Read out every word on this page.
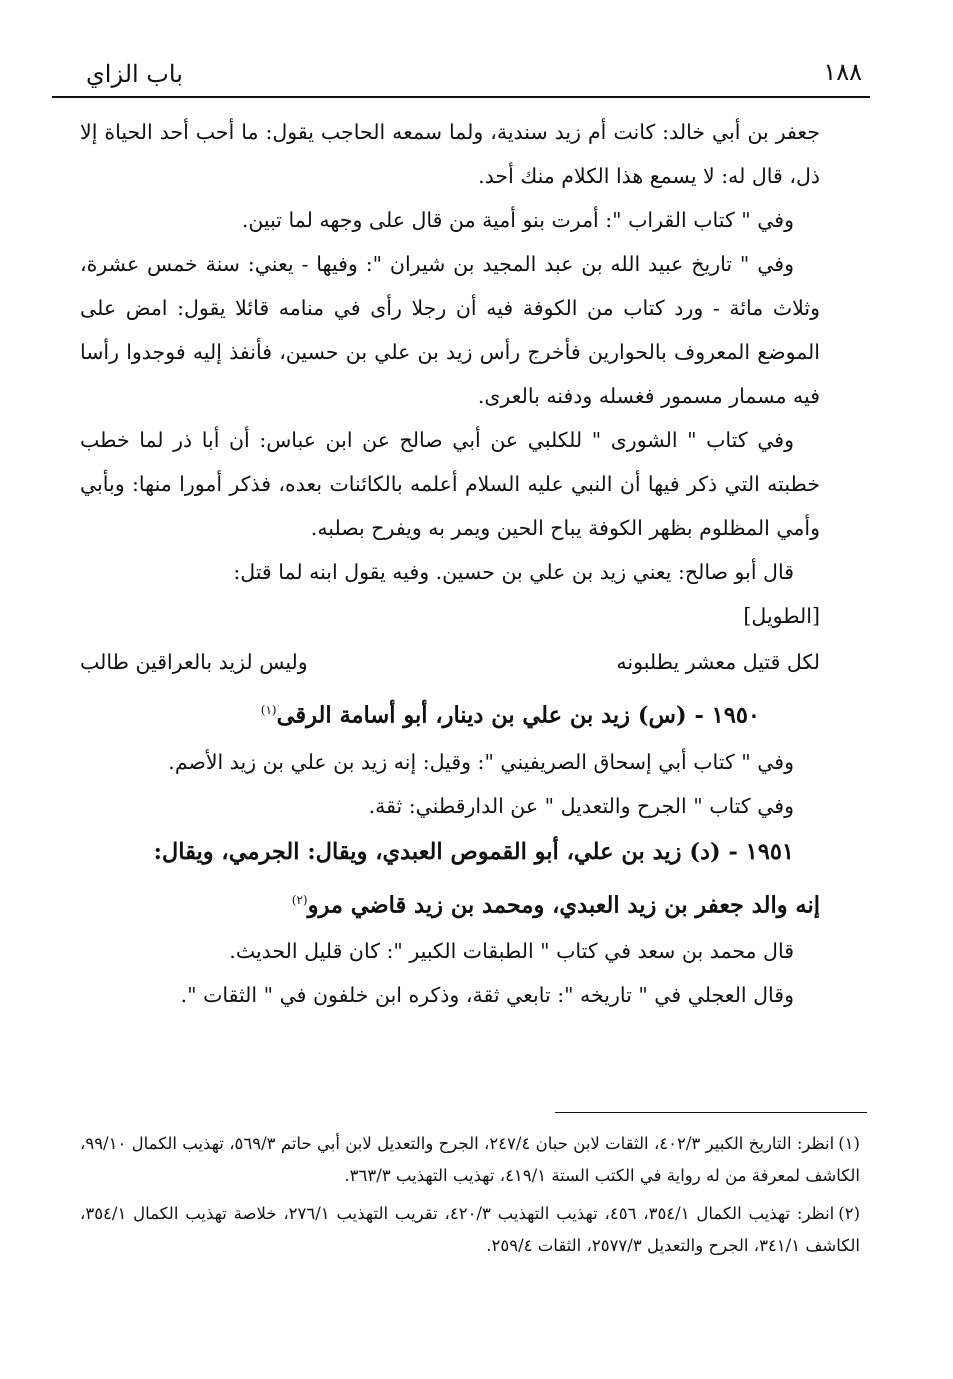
١٨٨
باب الزاي

جعفر بن أبي خالد: كانت أم زيد سندية، ولما سمعه الحاجب يقول: ما أحب أحد الحياة إلا ذل، قال له: لا يسمع هذا الكلام منك أحد.

وفي " كتاب القراب ": أمرت بنو أمية من قال على وجهه لما تبين.

وفي " تاريخ عبيد الله بن عبد المجيد بن شيران ": وفيها - يعني: سنة خمس عشرة، وثلاث مائة - ورد كتاب من الكوفة فيه أن رجلا رأى في منامه قائلا يقول: امض على الموضع المعروف بالحوارين فأخرج رأس زيد بن علي بن حسين، فأنفذ إليه فوجدوا رأسا فيه مسمار مسمور فغسله ودفنه بالعرى.

وفي كتاب " الشورى " للكلبي عن أبي صالح عن ابن عباس: أن أبا ذر لما خطب خطبته التي ذكر فيها أن النبي عليه السلام أعلمه بالكائنات بعده، فذكر أمورا منها: وبأبي وأمي المظلوم بظهر الكوفة يباح الحين ويمر به ويفرح بصلبه.

قال أبو صالح: يعني زيد بن علي بن حسين. وفيه يقول ابنه لما قتل:

[الطويل]

لكل قتيل معشر يطلبونه
وليس لزيد بالعراقين طالب

١٩٥٠ - (س) زيد بن علي بن دينار، أبو أسامة الرقى$^{(١)}$

وفي " كتاب أبي إسحاق الصريفيني ": وقيل: إنه زيد بن علي بن زيد الأصم.

وفي كتاب " الجرح والتعديل " عن الدارقطني: ثقة.

١٩٥١ - (د) زيد بن علي، أبو القموص العبدي، ويقال: الجرمي، ويقال:

إنه والد جعفر بن زيد العبدي، ومحمد بن زيد قاضي مرو$^{(٢)}$

قال محمد بن سعد في كتاب " الطبقات الكبير ": كان قليل الحديث.

وقال العجلي في " تاريخه ": تابعي ثقة، وذكره ابن خلفون في " الثقات ".

(١)انظر: التاريخ الكبير ٤٠٢/٣، الثقات لابن حبان ٢٤٧/٤، الجرح والتعديل لابن أبي حاتم ٥٦٩/٣، تهذيب الكمال ٩٩/١٠، الكاشف لمعرفة من له رواية في الكتب الستة ٤١٩/١، تهذيب التهذيب ٣٦٣/٣.

(٢)انظر: تهذيب الكمال ٣٥٤/١، ٤٥٦، تهذيب التهذيب ٤٢٠/٣، تقريب التهذيب ٢٧٦/١، خلاصة تهذيب الكمال ٣٥٤/١، الكاشف ٣٤١/١، الجرح والتعديل ٢٥٧٧/٣، الثقات ٢٥٩/٤.
